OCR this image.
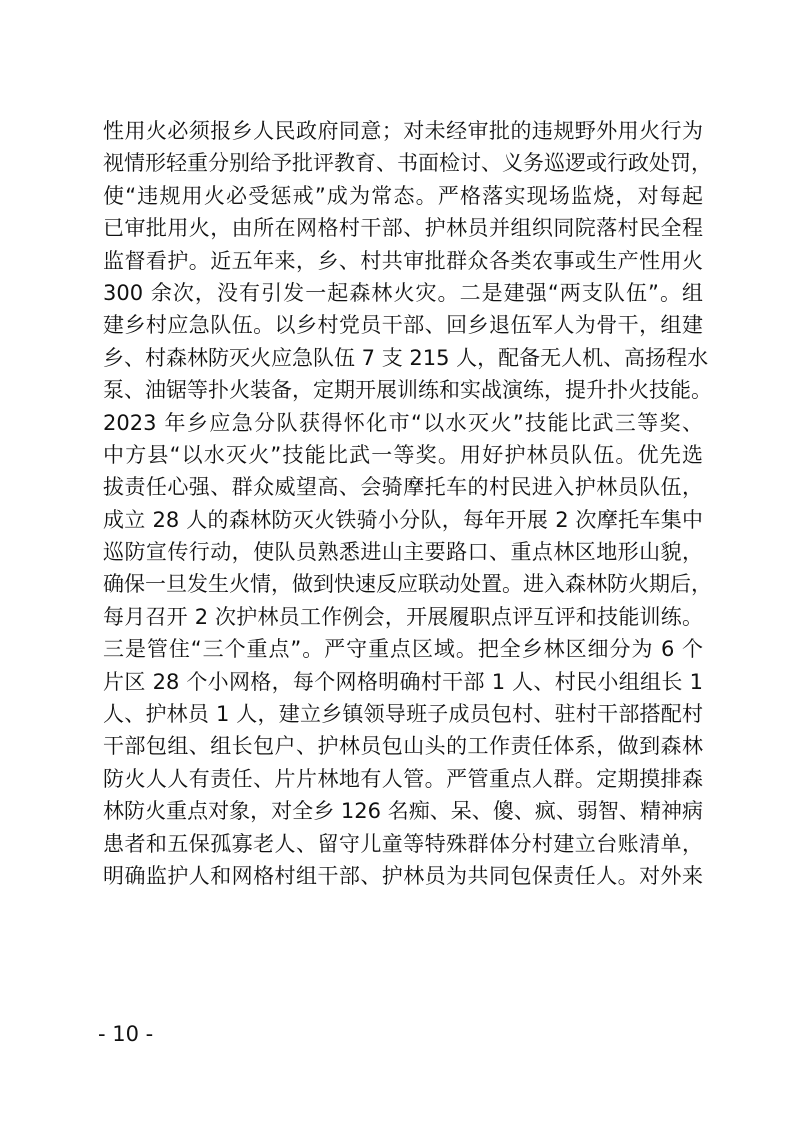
性用火必须报乡人民政府同意；对未经审批的违规野外用火行为
视情形轻重分别给予批评教育、书面检讨、义务巡逻或行政处罚，
使“违规用火必受惩戒”成为常态。严格落实现场监烧，对每起
已审批用火，由所在网格村干部、护林员并组织同院落村民全程
监督看护。近五年来，乡、村共审批群众各类农事或生产性用火
300 余次，没有引发一起森林火灾。二是建强“两支队伍”。组
建乡村应急队伍。以乡村党员干部、回乡退伍军人为骨干，组建
乡、村森林防灭火应急队伍 7 支 215 人，配备无人机、高扬程水
泵、油锯等扑火装备，定期开展训练和实战演练，提升扑火技能。
2023 年乡应急分队获得怀化市“以水灭火”技能比武三等奖、
中方县“以水灭火”技能比武一等奖。用好护林员队伍。优先选
拔责任心强、群众威望高、会骑摩托车的村民进入护林员队伍，
成立 28 人的森林防灭火铁骑小分队，每年开展 2 次摩托车集中
巡防宣传行动，使队员熟悉进山主要路口、重点林区地形山貌，
确保一旦发生火情，做到快速反应联动处置。进入森林防火期后，
每月召开 2 次护林员工作例会，开展履职点评互评和技能训练。
三是管住“三个重点”。严守重点区域。把全乡林区细分为 6 个
片区 28 个小网格，每个网格明确村干部 1 人、村民小组组长 1
人、护林员 1 人，建立乡镇领导班子成员包村、驻村干部搭配村
干部包组、组长包户、护林员包山头的工作责任体系，做到森林
防火人人有责任、片片林地有人管。严管重点人群。定期摸排森
林防火重点对象，对全乡 126 名痴、呆、傻、疯、弱智、精神病
患者和五保孤寡老人、留守儿童等特殊群体分村建立台账清单，
明确监护人和网格村组干部、护林员为共同包保责任人。对外来
- 10 -
